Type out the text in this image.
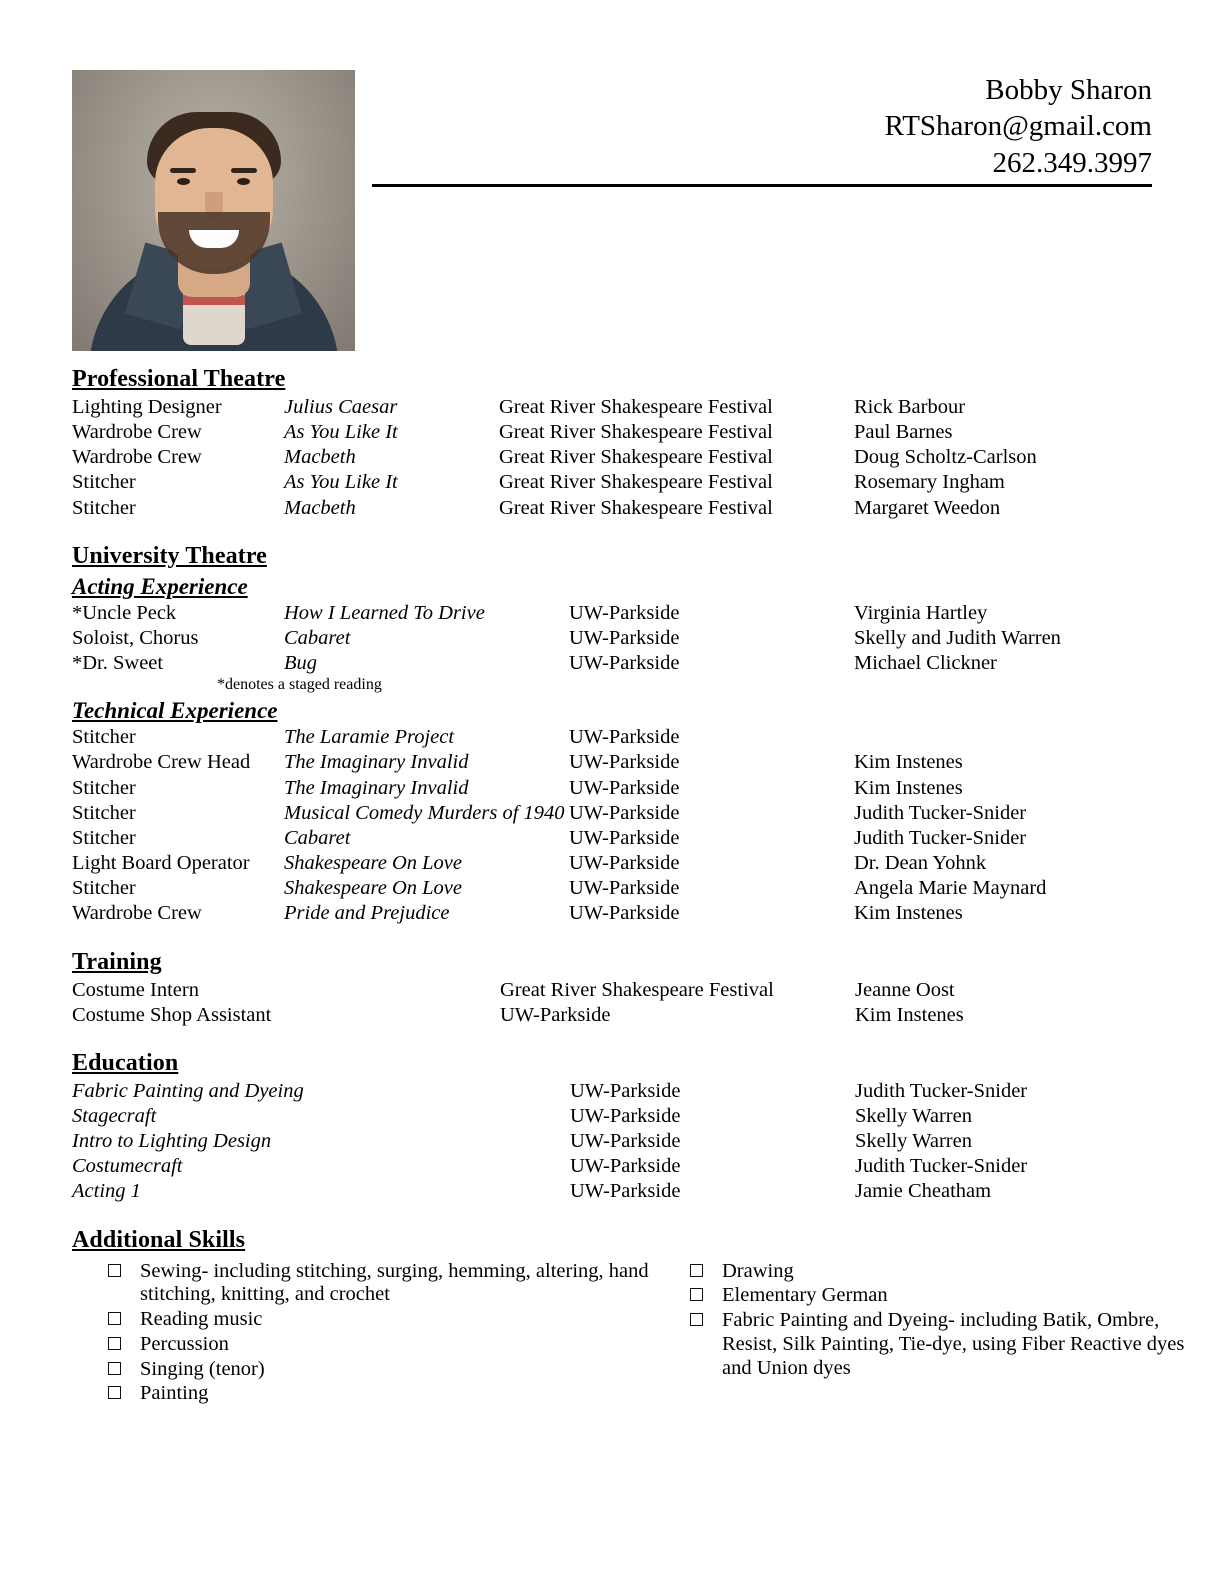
Bobby Sharon
RTSharon@gmail.com
262.349.3997
Professional Theatre
Lighting Designer	Julius Caesar	Great River Shakespeare Festival	Rick Barbour
Wardrobe Crew	As You Like It	Great River Shakespeare Festival	Paul Barnes
Wardrobe Crew	Macbeth	Great River Shakespeare Festival	Doug Scholtz-Carlson
Stitcher	As You Like It	Great River Shakespeare Festival	Rosemary Ingham
Stitcher	Macbeth	Great River Shakespeare Festival	Margaret Weedon
University Theatre
Acting Experience
*Uncle Peck	How I Learned To Drive	UW-Parkside	Virginia Hartley
Soloist, Chorus	Cabaret	UW-Parkside	Skelly and Judith Warren
*Dr. Sweet	Bug	UW-Parkside	Michael Clickner
*denotes a staged reading
Technical Experience
Stitcher	The Laramie Project	UW-Parkside	
Wardrobe Crew Head	The Imaginary Invalid	UW-Parkside	Kim Instenes
Stitcher	The Imaginary Invalid	UW-Parkside	Kim Instenes
Stitcher	Musical Comedy Murders of 1940	UW-Parkside	Judith Tucker-Snider
Stitcher	Cabaret	UW-Parkside	Judith Tucker-Snider
Light Board Operator	Shakespeare On Love	UW-Parkside	Dr. Dean Yohnk
Stitcher	Shakespeare On Love	UW-Parkside	Angela Marie Maynard
Wardrobe Crew	Pride and Prejudice	UW-Parkside	Kim Instenes
Training
Costume Intern	Great River Shakespeare Festival	Jeanne Oost
Costume Shop Assistant	UW-Parkside	Kim Instenes
Education
Fabric Painting and Dyeing	UW-Parkside	Judith Tucker-Snider
Stagecraft	UW-Parkside	Skelly Warren
Intro to Lighting Design	UW-Parkside	Skelly Warren
Costumecraft	UW-Parkside	Judith Tucker-Snider
Acting 1	UW-Parkside	Jamie Cheatham
Additional Skills
Sewing- including stitching, surging, hemming, altering, hand stitching, knitting, and crochet
Reading music
Percussion
Singing (tenor)
Painting
Drawing
Elementary German
Fabric Painting and Dyeing- including Batik, Ombre, Resist, Silk Painting, Tie-dye, using Fiber Reactive dyes and Union dyes
